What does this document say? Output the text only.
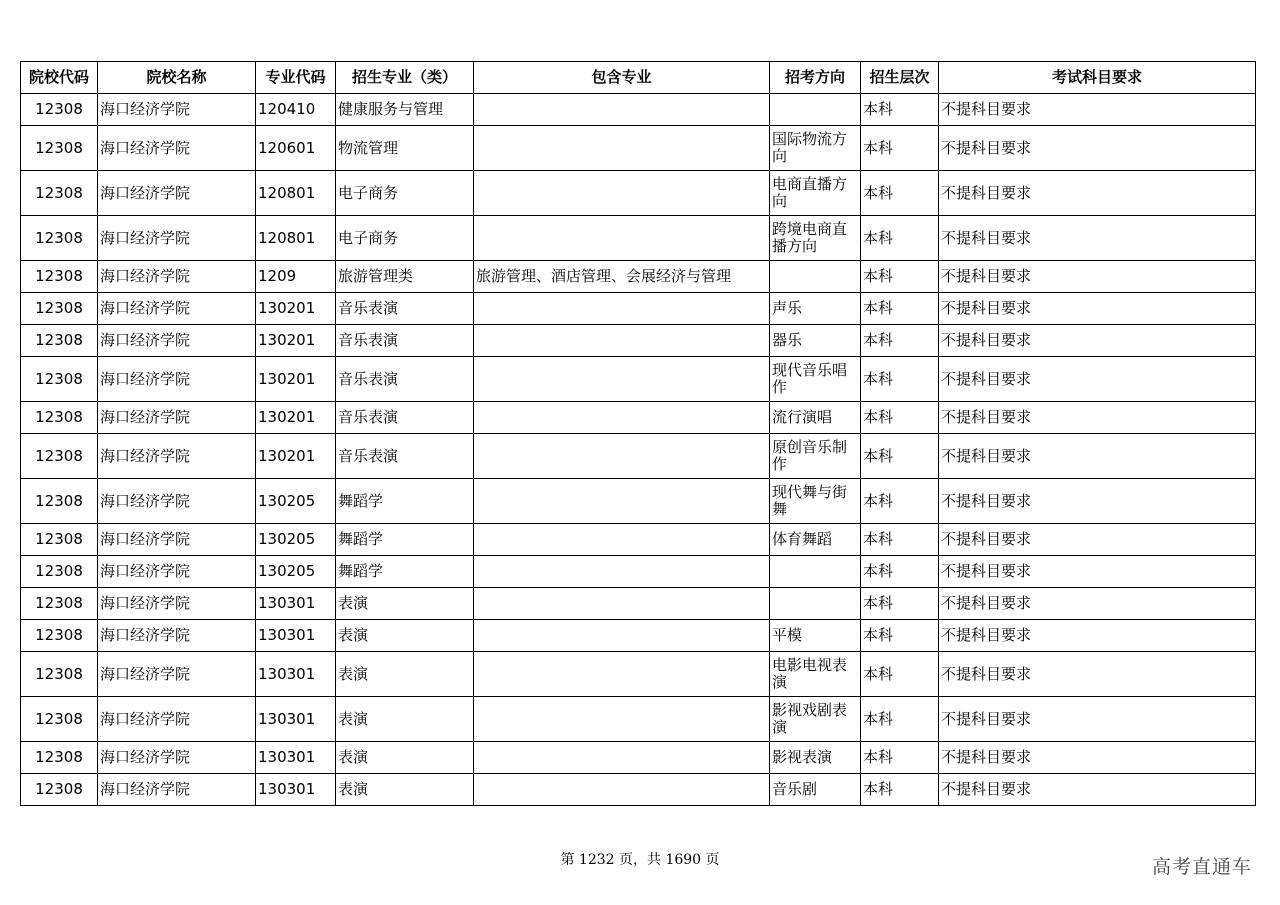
院校代码	院校名称	专业代码	招生专业（类）	包含专业	招考方向	招生层次	考试科目要求
12308	海口经济学院	120410	健康服务与管理			本科	不提科目要求
12308	海口经济学院	120601	物流管理		国际物流方向	本科	不提科目要求
12308	海口经济学院	120801	电子商务		电商直播方向	本科	不提科目要求
12308	海口经济学院	120801	电子商务		跨境电商直播方向	本科	不提科目要求
12308	海口经济学院	1209	旅游管理类	旅游管理、酒店管理、会展经济与管理		本科	不提科目要求
12308	海口经济学院	130201	音乐表演		声乐	本科	不提科目要求
12308	海口经济学院	130201	音乐表演		器乐	本科	不提科目要求
12308	海口经济学院	130201	音乐表演		现代音乐唱作	本科	不提科目要求
12308	海口经济学院	130201	音乐表演		流行演唱	本科	不提科目要求
12308	海口经济学院	130201	音乐表演		原创音乐制作	本科	不提科目要求
12308	海口经济学院	130205	舞蹈学		现代舞与街舞	本科	不提科目要求
12308	海口经济学院	130205	舞蹈学		体育舞蹈	本科	不提科目要求
12308	海口经济学院	130205	舞蹈学			本科	不提科目要求
12308	海口经济学院	130301	表演			本科	不提科目要求
12308	海口经济学院	130301	表演		平模	本科	不提科目要求
12308	海口经济学院	130301	表演		电影电视表演	本科	不提科目要求
12308	海口经济学院	130301	表演		影视戏剧表演	本科	不提科目要求
12308	海口经济学院	130301	表演		影视表演	本科	不提科目要求
12308	海口经济学院	130301	表演		音乐剧	本科	不提科目要求
第 1232 页，共 1690 页	高考直通车
